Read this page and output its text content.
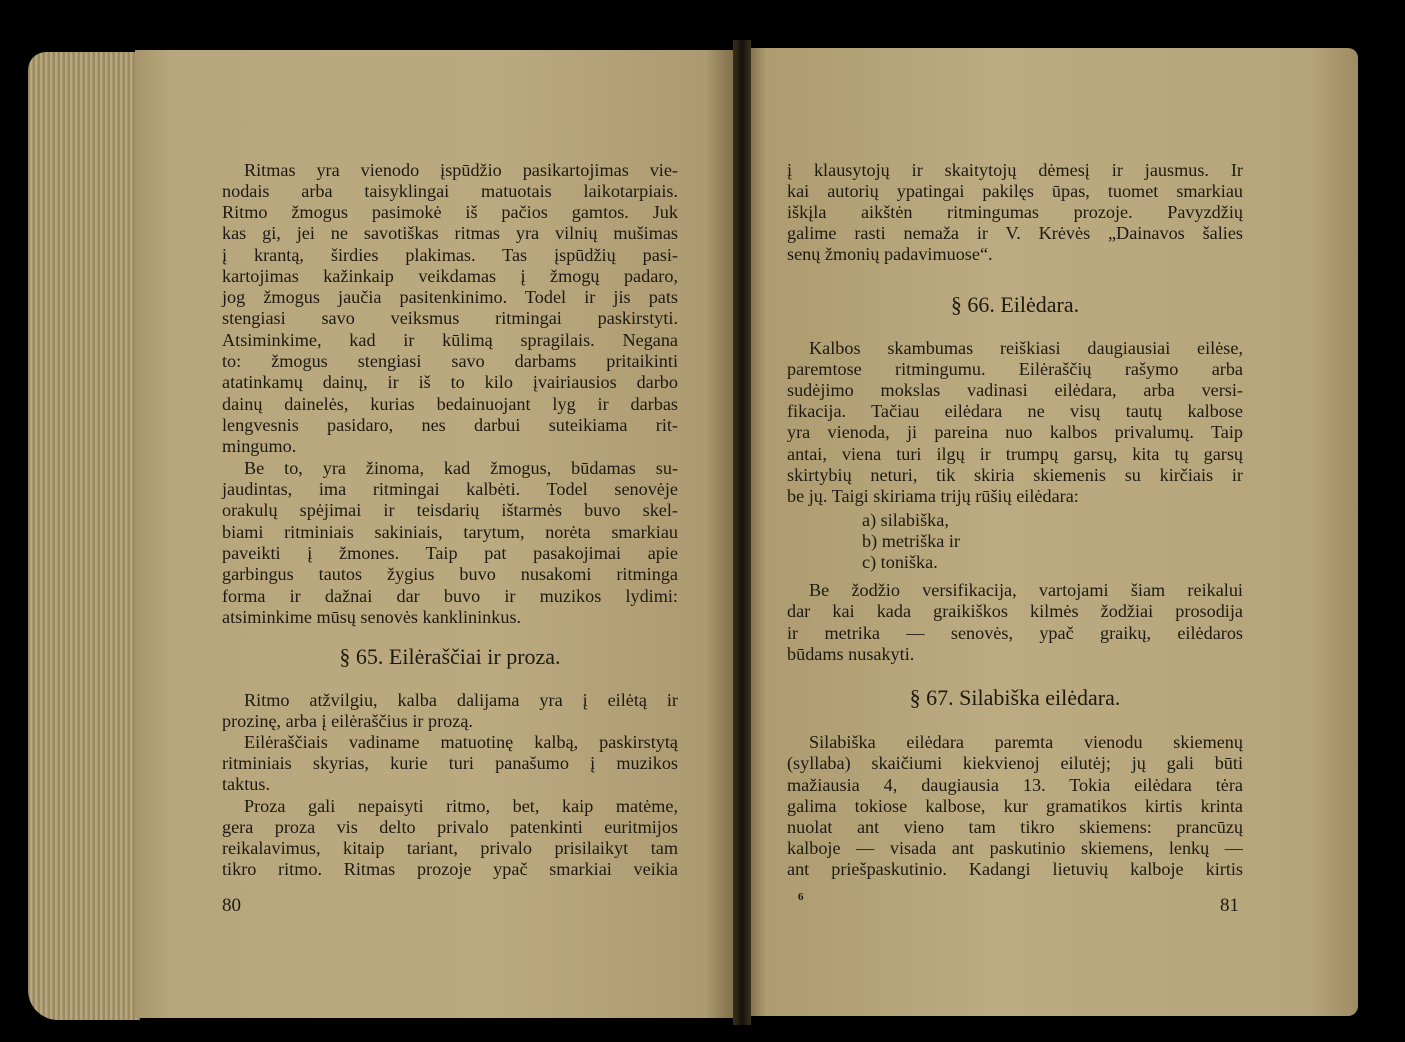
80
Ritmas yra vienodo įspūdžio pasikartojimas vie-
nodais arba taisyklingai matuotais laikotarpiais.
Ritmo žmogus pasimokė iš pačios gamtos. Juk
kas gi, jei ne savotiškas ritmas yra vilnių mušimas
į krantą, širdies plakimas. Tas įspūdžių pasi-
kartojimas kažinkaip veikdamas į žmogų padaro,
jog žmogus jaučia pasitenkinimo. Todel ir jis pats
stengiasi savo veiksmus ritmingai paskirstyti.
Atsiminkime, kad ir kūlimą spragilais. Negana
to: žmogus stengiasi savo darbams pritaikinti
atatinkamų dainų, ir iš to kilo įvairiausios darbo
dainų dainelės, kurias bedainuojant lyg ir darbas
lengvesnis pasidaro, nes darbui suteikiama rit-
mingumo.
Be to, yra žinoma, kad žmogus, būdamas su-
jaudintas, ima ritmingai kalbėti. Todel senovėje
orakulų spėjimai ir teisdarių ištarmės buvo skel-
biami ritminiais sakiniais, tarytum, norėta smarkiau
paveikti į žmones. Taip pat pasakojimai apie
garbingus tautos žygius buvo nusakomi ritminga
forma ir dažnai dar buvo ir muzikos lydimi:
atsiminkime mūsų senovės kanklininkus.
§ 65. Eilėraščiai ir proza.
Ritmo atžvilgiu, kalba dalijama yra į eilėtą ir
prozinę, arba į eilėraščius ir prozą.
Eilėraščiais vadiname matuotinę kalbą, paskirstytą
ritminiais skyrias, kurie turi panašumo į muzikos
taktus.
Proza gali nepaisyti ritmo, bet, kaip matėme,
gera proza vis delto privalo patenkinti euritmijos
reikalavimus, kitaip tariant, privalo prisilaikyt tam
tikro ritmo. Ritmas prozoje ypač smarkiai veikia
6	81
į klausytojų ir skaitytojų dėmesį ir jausmus. Ir
kai autorių ypatingai pakilęs ūpas, tuomet smarkiau
iškįla aikštėn ritmingumas prozoje. Pavyzdžių
galime rasti nemaža ir V. Krėvės „Dainavos šalies
senų žmonių padavimuose“.
§ 66. Eilėdara.
Kalbos skambumas reiškiasi daugiausiai eilėse,
paremtose ritmingumu. Eilėraščių rašymo arba
sudėjimo mokslas vadinasi eilėdara, arba versi-
fikacija. Tačiau eilėdara ne visų tautų kalbose
yra vienoda, ji pareina nuo kalbos privalumų. Taip
antai, viena turi ilgų ir trumpų garsų, kita tų garsų
skirtybių neturi, tik skiria skiemenis su kirčiais ir
be jų. Taigi skiriama trijų rūšių eilėdara:
a) silabiška,
b) metriška ir
c) toniška.
Be žodžio versifikacija, vartojami šiam reikalui
dar kai kada graikiškos kilmės žodžiai prosodija
ir metrika — senovės, ypač graikų, eilėdaros
būdams nusakyti.
§ 67. Silabiška eilėdara.
Silabiška eilėdara paremta vienodu skiemenų
(syllaba) skaičiumi kiekvienoj eilutėj; jų gali būti
mažiausia 4, daugiausia 13. Tokia eilėdara tėra
galima tokiose kalbose, kur gramatikos kirtis krinta
nuolat ant vieno tam tikro skiemens: prancūzų
kalboje — visada ant paskutinio skiemens, lenkų —
ant priešpaskutinio. Kadangi lietuvių kalboje kirtis
